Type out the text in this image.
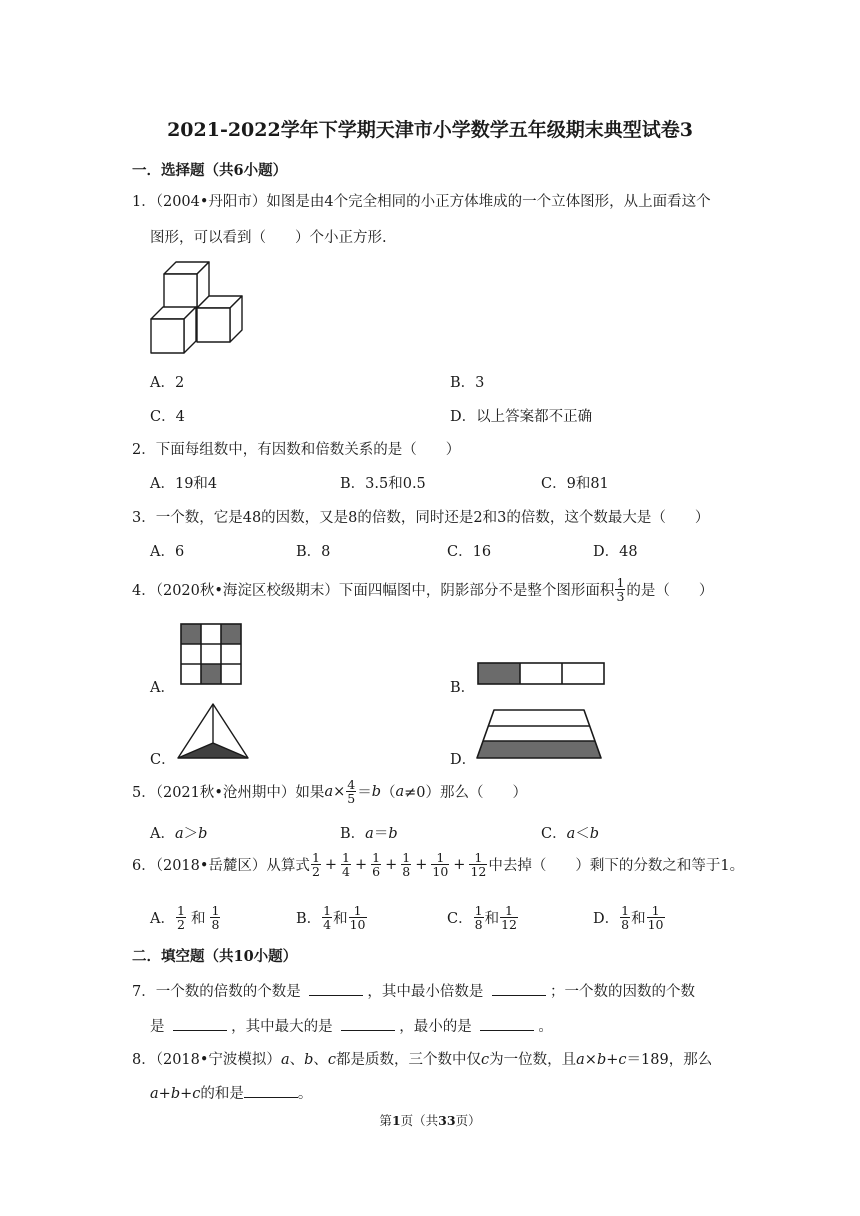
2021-2022学年下学期天津市小学数学五年级期末典型试卷3
一．选择题（共6小题）
1．（2004•丹阳市）如图是由4个完全相同的小正方体堆成的一个立体图形，从上面看这个
图形，可以看到（　　）个小正方形.
A．2	B．3
C．4	D．以上答案都不正确
2．下面每组数中，有因数和倍数关系的是（　　）
A．19和4	B．3.5和0.5	C．9和81
3．一个数，它是48的因数，又是8的倍数，同时还是2和3的倍数，这个数最大是（　　）
A．6	B．8	C．16	D．48
4．（2020秋•海淀区校级期末）下面四幅图中，阴影部分不是整个图形面积 $\frac{1}{3}$ 的是（　　）
A．	B．
C．	D．
5．（2021秋•沧州期中）如果 $a \times \frac{4}{5} = b$ （ a ≠0）那么（　　）
A．a＞b	B．a＝b	C．a＜b
6．（2018•岳麓区）从算式 $\frac{1}{2} + \frac{1}{4} + \frac{1}{6} + \frac{1}{8} + \frac{1}{10} + \frac{1}{12}$ 中去掉（　　）剩下的分数之和等于1。
A． $\frac{1}{2}$ 和 $\frac{1}{8}$	B． $\frac{1}{4}$ 和 $\frac{1}{10}$	C． $\frac{1}{8}$ 和 $\frac{1}{12}$	D． $\frac{1}{8}$ 和 $\frac{1}{10}$
二．填空题（共10小题）
7．一个数的倍数的个数是	，其中最小倍数是	；一个数的因数的个数
是	，其中最大的是	，最小的是	。
8．（2018•宁波模拟）a、b、c都是质数，三个数中仅c为一位数，且a×b+c＝189，那么
a+b+c的和是	。
第1页（共33页）
